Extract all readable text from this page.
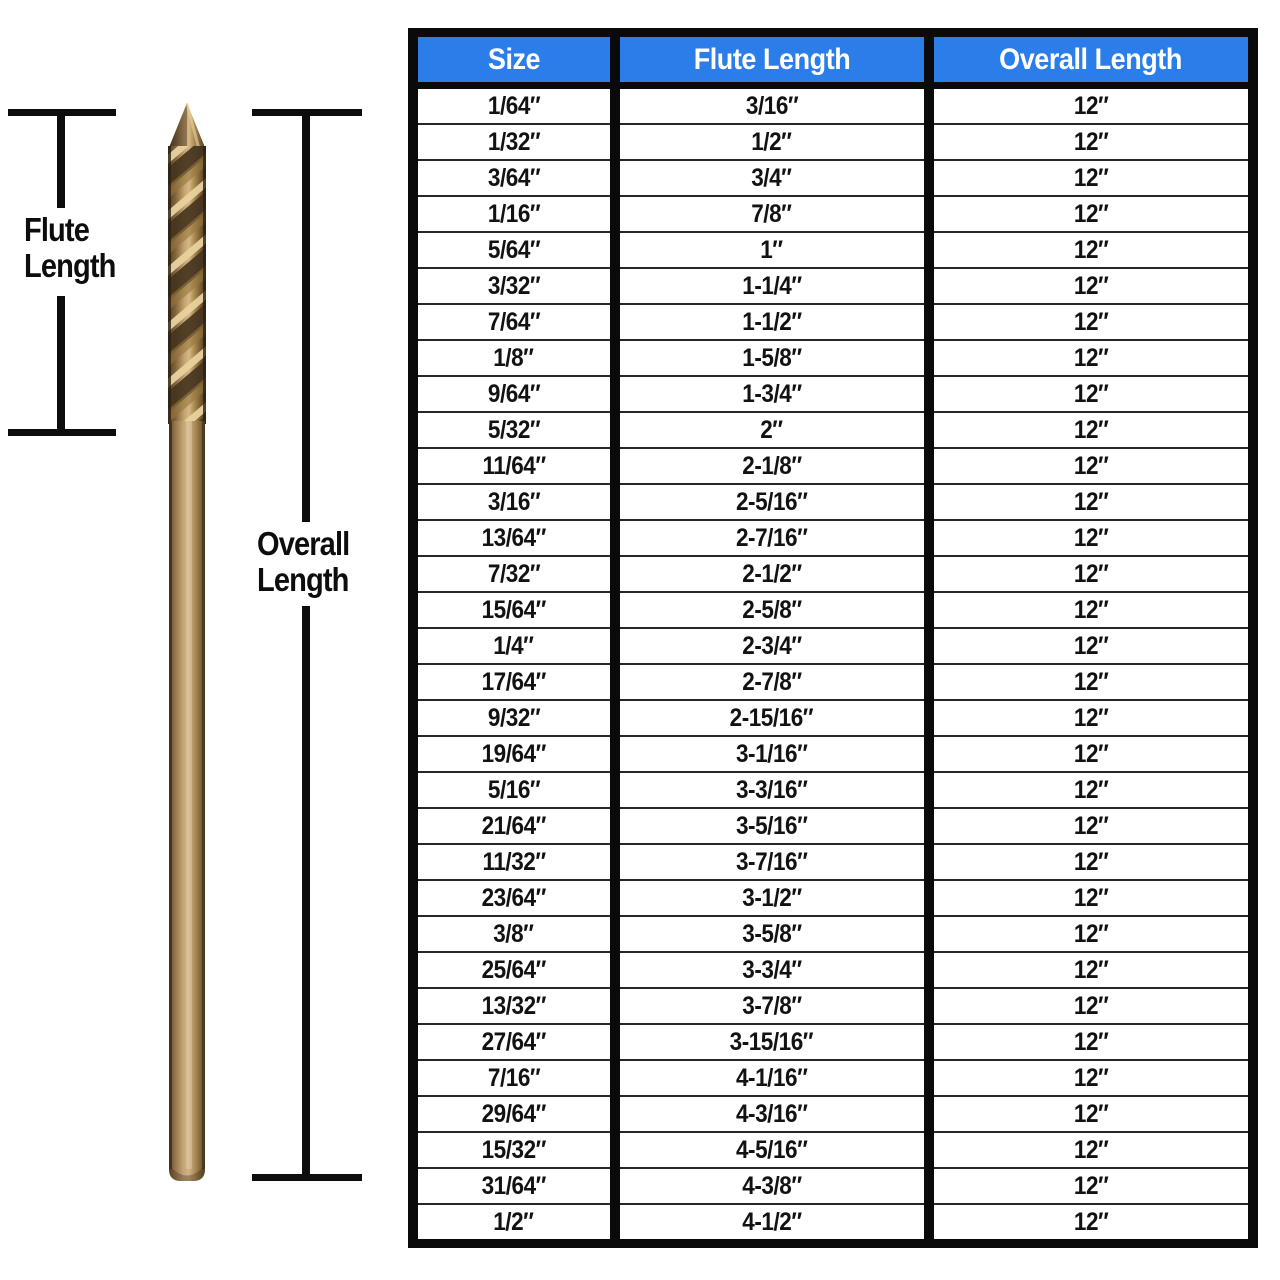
Flute
Length
Overall
Length
Size	Flute Length	Overall Length
1/64″	3/16″	12″
1/32″	1/2″	12″
3/64″	3/4″	12″
1/16″	7/8″	12″
5/64″	1″	12″
3/32″	1-1/4″	12″
7/64″	1-1/2″	12″
1/8″	1-5/8″	12″
9/64″	1-3/4″	12″
5/32″	2″	12″
11/64″	2-1/8″	12″
3/16″	2-5/16″	12″
13/64″	2-7/16″	12″
7/32″	2-1/2″	12″
15/64″	2-5/8″	12″
1/4″	2-3/4″	12″
17/64″	2-7/8″	12″
9/32″	2-15/16″	12″
19/64″	3-1/16″	12″
5/16″	3-3/16″	12″
21/64″	3-5/16″	12″
11/32″	3-7/16″	12″
23/64″	3-1/2″	12″
3/8″	3-5/8″	12″
25/64″	3-3/4″	12″
13/32″	3-7/8″	12″
27/64″	3-15/16″	12″
7/16″	4-1/16″	12″
29/64″	4-3/16″	12″
15/32″	4-5/16″	12″
31/64″	4-3/8″	12″
1/2″	4-1/2″	12″
